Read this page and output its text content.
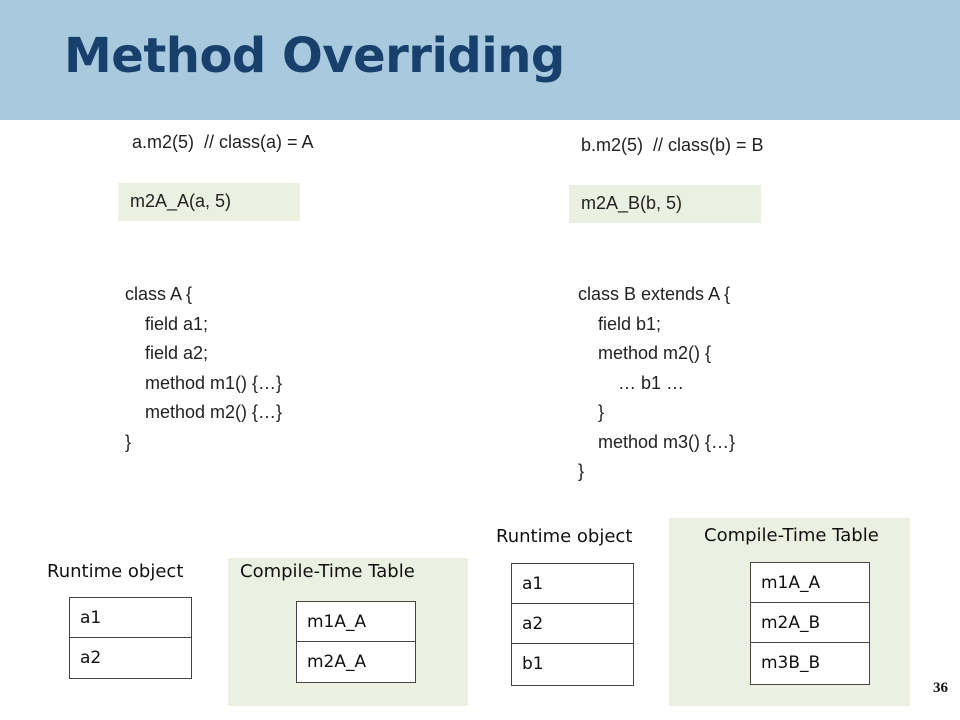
Method Overriding
a.m2(5)  // class(a) = A
m2A_A(a, 5)
class A {
field a1;
field a2;
method m1() {…}
method m2() {…}
}
Runtime object	Compile-Time Table
a1
a2
m1A_A
m2A_A
b.m2(5)  // class(b) = B
m2A_B(b, 5)
class B extends A {
field b1;
method m2() {
… b1 …
}
method m3() {…}
}
Runtime object	Compile-Time Table
a1
a2
b1
m1A_A
m2A_B
m3B_B
36
